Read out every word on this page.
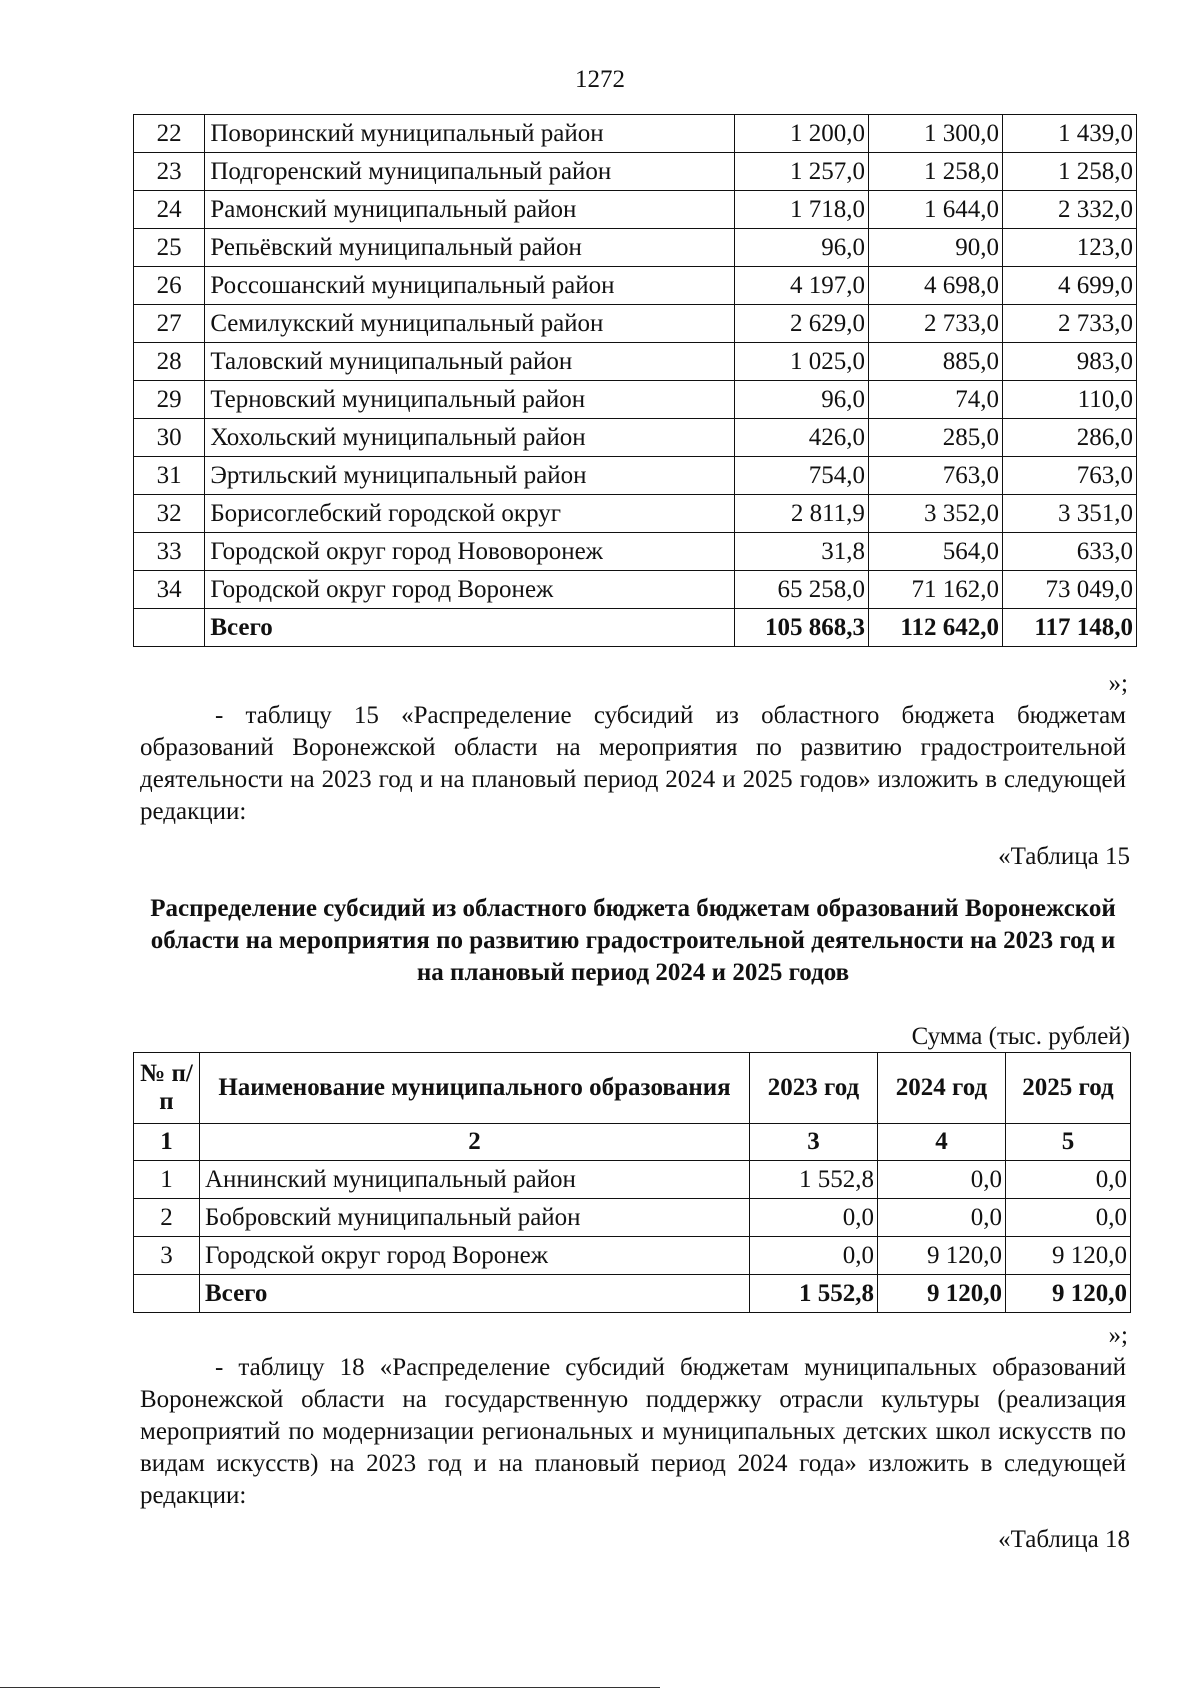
1272
22	Поворинский муниципальный район	1 200,0	1 300,0	1 439,0
23	Подгоренский муниципальный район	1 257,0	1 258,0	1 258,0
24	Рамонский муниципальный район	1 718,0	1 644,0	2 332,0
25	Репьёвский муниципальный район	96,0	90,0	123,0
26	Россошанский муниципальный район	4 197,0	4 698,0	4 699,0
27	Семилукский муниципальный район	2 629,0	2 733,0	2 733,0
28	Таловский муниципальный район	1 025,0	885,0	983,0
29	Терновский муниципальный район	96,0	74,0	110,0
30	Хохольский муниципальный район	426,0	285,0	286,0
31	Эртильский муниципальный район	754,0	763,0	763,0
32	Борисоглебский городской округ	2 811,9	3 352,0	3 351,0
33	Городской округ город Нововоронеж	31,8	564,0	633,0
34	Городской округ город Воронеж	65 258,0	71 162,0	73 049,0
	Всего	105 868,3	112 642,0	117 148,0
»;
- таблицу 15 «Распределение субсидий из областного бюджета бюджетам образований Воронежской области на мероприятия по развитию градостроительной деятельности на 2023 год и на плановый период 2024 и 2025 годов» изложить в следующей редакции:
«Таблица 15
Распределение субсидий из областного бюджета бюджетам образований Воронежской области на мероприятия по развитию градостроительной деятельности на 2023 год и на плановый период 2024 и 2025 годов
Сумма (тыс. рублей)
№ п/п	Наименование муниципального образования	2023 год	2024 год	2025 год
1	2	3	4	5
1	Аннинский муниципальный район	1 552,8	0,0	0,0
2	Бобровский муниципальный район	0,0	0,0	0,0
3	Городской округ город Воронеж	0,0	9 120,0	9 120,0
	Всего	1 552,8	9 120,0	9 120,0
»;
- таблицу 18 «Распределение субсидий бюджетам муниципальных образований Воронежской области на государственную поддержку отрасли культуры (реализация мероприятий по модернизации региональных и муниципальных детских школ искусств по видам искусств) на 2023 год и на плановый период 2024 года» изложить в следующей редакции:
«Таблица 18
